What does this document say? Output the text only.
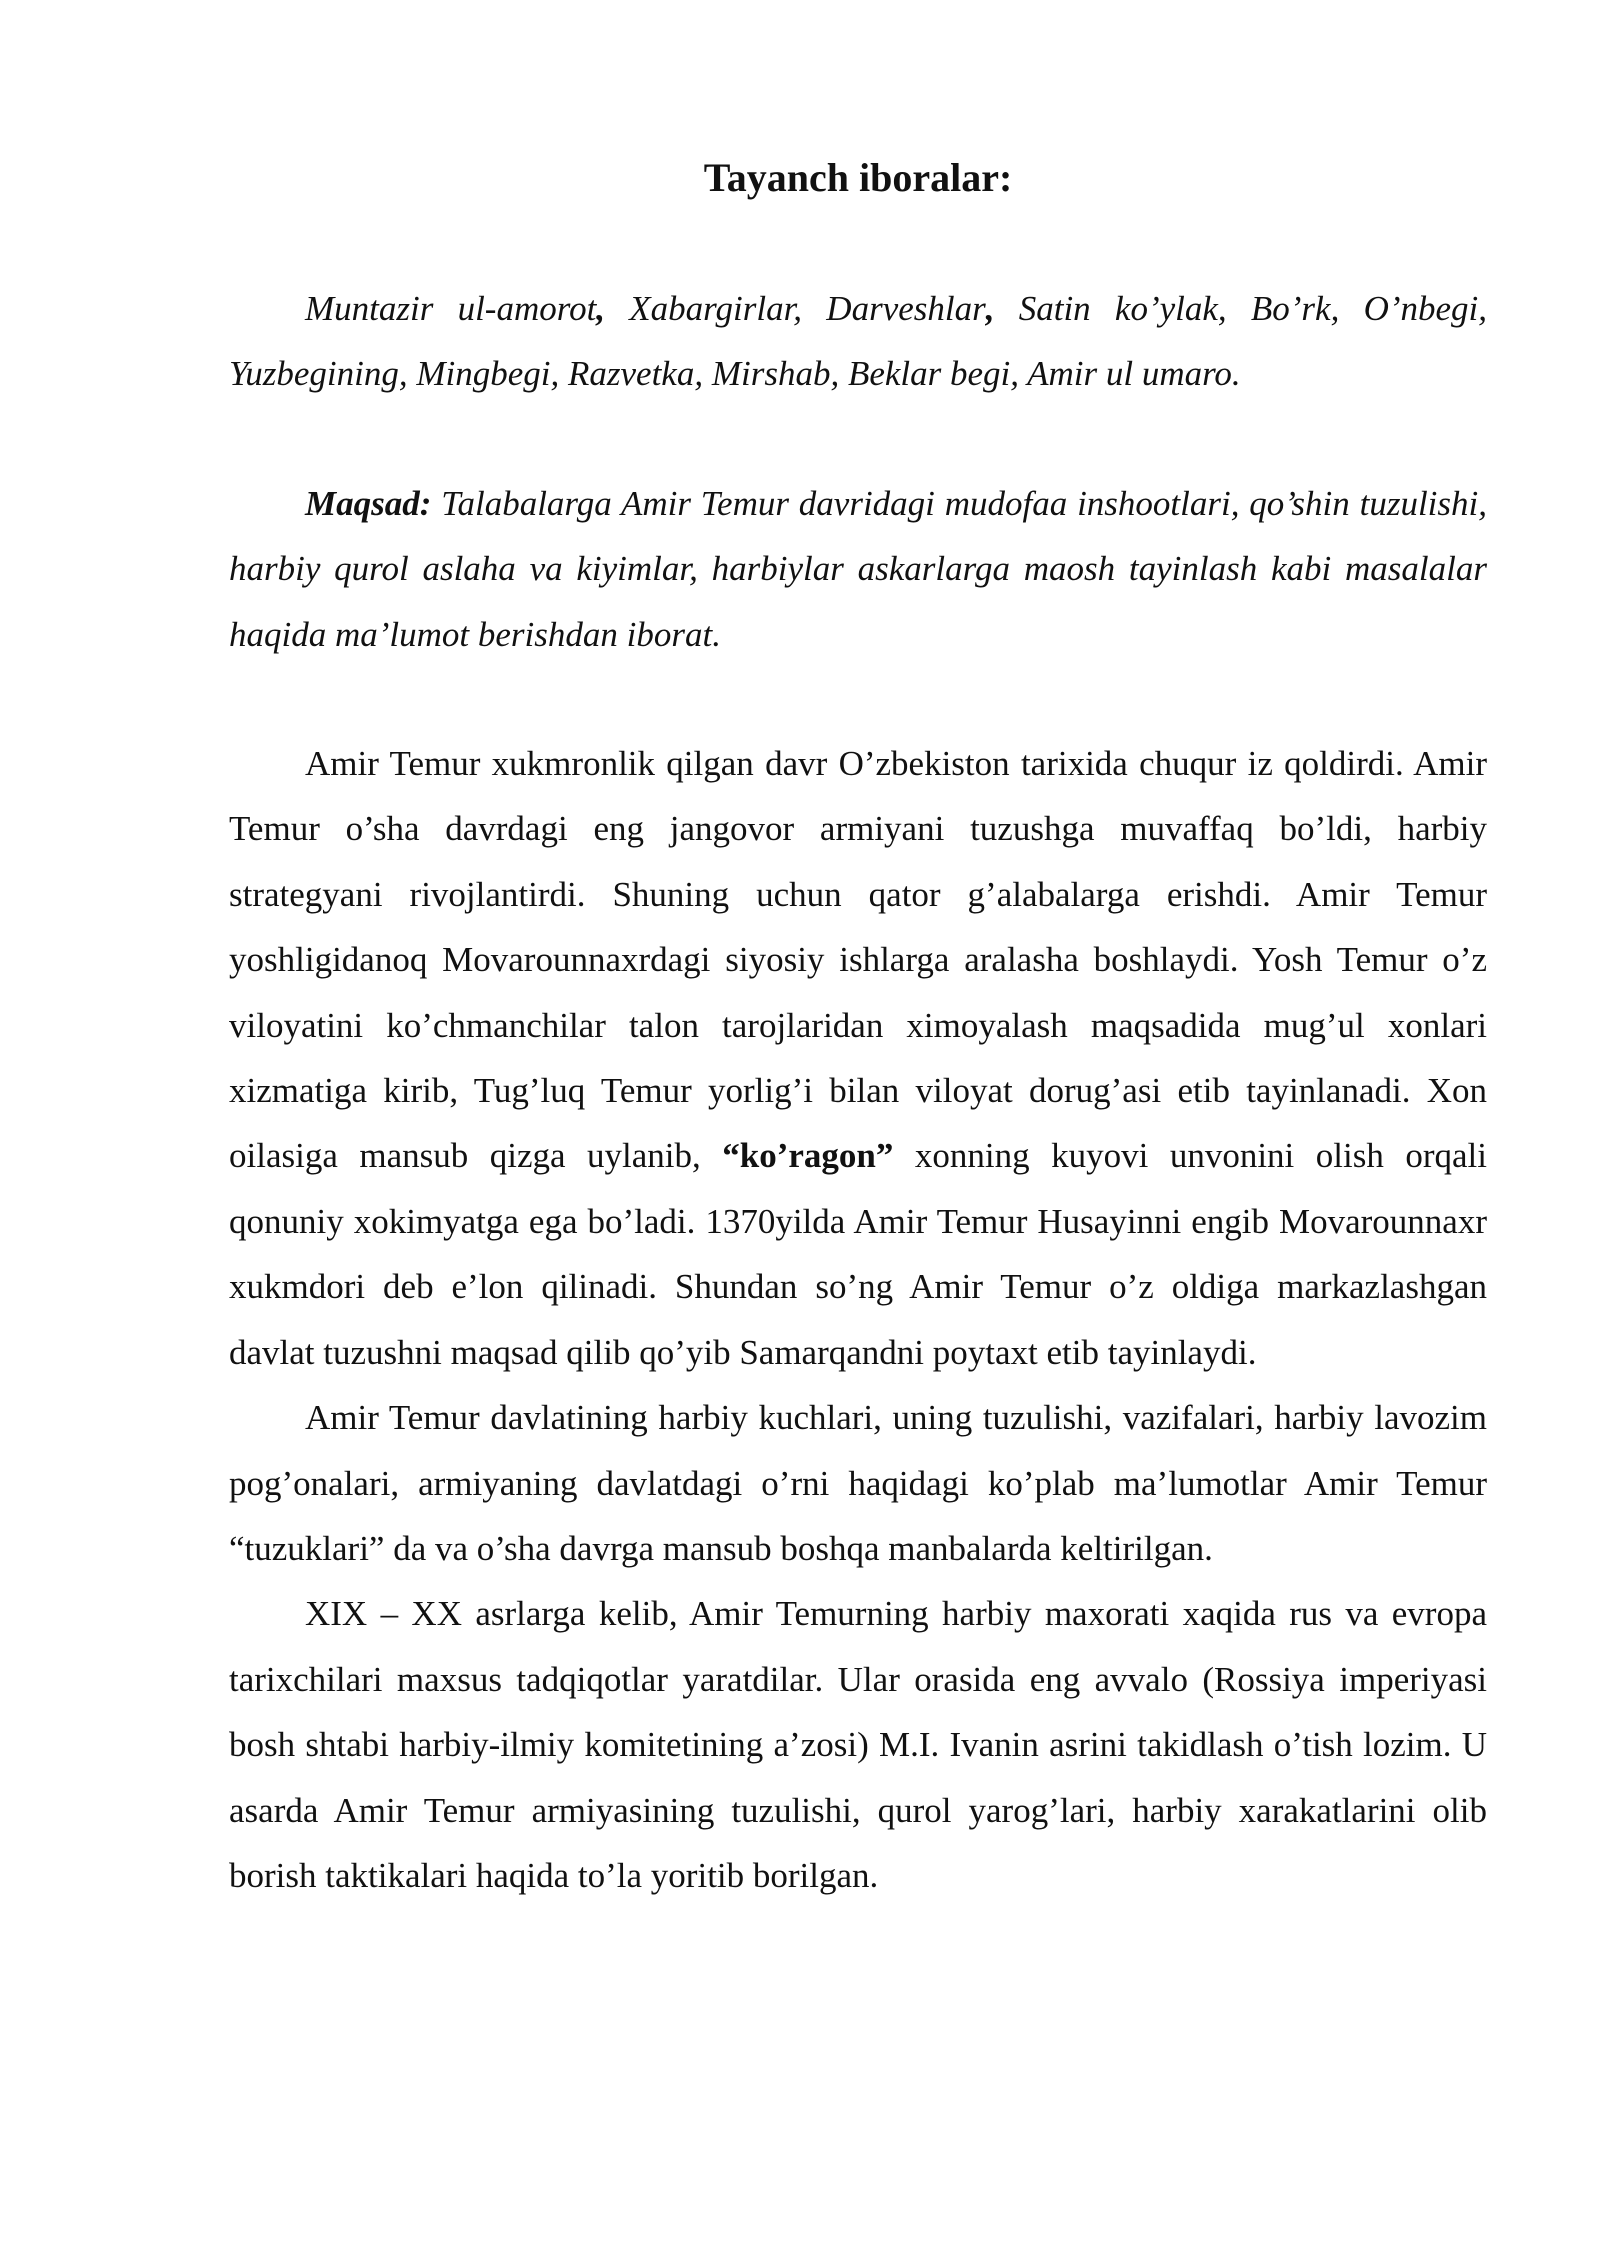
Tayanch iboralar:

Muntazir ul-amorot, Xabargirlar, Darveshlar, Satin ko’ylak, Bo’rk, O’nbegi, Yuzbegining, Mingbegi, Razvetka, Mirshab, Beklar begi, Amir ul umaro.

Maqsad: Talabalarga Amir Temur davridagi mudofaa inshootlari, qo’shin tuzulishi, harbiy qurol aslaha va kiyimlar, harbiylar askarlarga maosh tayinlash kabi masalalar haqida ma’lumot berishdan iborat.

Amir Temur xukmronlik qilgan davr O’zbekiston tarixida chuqur iz qoldirdi. Amir Temur o’sha davrdagi eng jangovor armiyani tuzushga muvaffaq bo’ldi, harbiy strategyani rivojlantirdi. Shuning uchun qator g’alabalarga erishdi. Amir Temur yoshligidanoq Movarounnaxrdagi siyosiy ishlarga aralasha boshlaydi. Yosh Temur o’z viloyatini ko’chmanchilar talon tarojlaridan ximoyalash maqsadida mug’ul xonlari xizmatiga kirib, Tug’luq Temur yorlig’i bilan viloyat dorug’asi etib tayinlanadi. Xon oilasiga mansub qizga uylanib, “ko’ragon” xonning kuyovi unvonini olish orqali qonuniy xokimyatga ega bo’ladi. 1370yilda Amir Temur Husayinni engib Movarounnaxr xukmdori deb e’lon qilinadi. Shundan so’ng Amir Temur o’z oldiga markazlashgan davlat tuzushni maqsad qilib qo’yib Samarqandni poytaxt etib tayinlaydi.

Amir Temur davlatining harbiy kuchlari, uning tuzulishi, vazifalari, harbiy lavozim pog’onalari, armiyaning davlatdagi o’rni haqidagi ko’plab ma’lumotlar Amir Temur “tuzuklari” da va o’sha davrga mansub boshqa manbalarda keltirilgan.

XIX – XX asrlarga kelib, Amir Temurning harbiy maxorati xaqida rus va evropa tarixchilari maxsus tadqiqotlar yaratdilar. Ular orasida eng avvalo (Rossiya imperiyasi bosh shtabi harbiy-ilmiy komitetining a’zosi) M.I. Ivanin asrini takidlash o’tish lozim. U asarda Amir Temur armiyasining tuzulishi, qurol yarog’lari, harbiy xarakatlarini olib borish taktikalari haqida to’la yoritib borilgan.
